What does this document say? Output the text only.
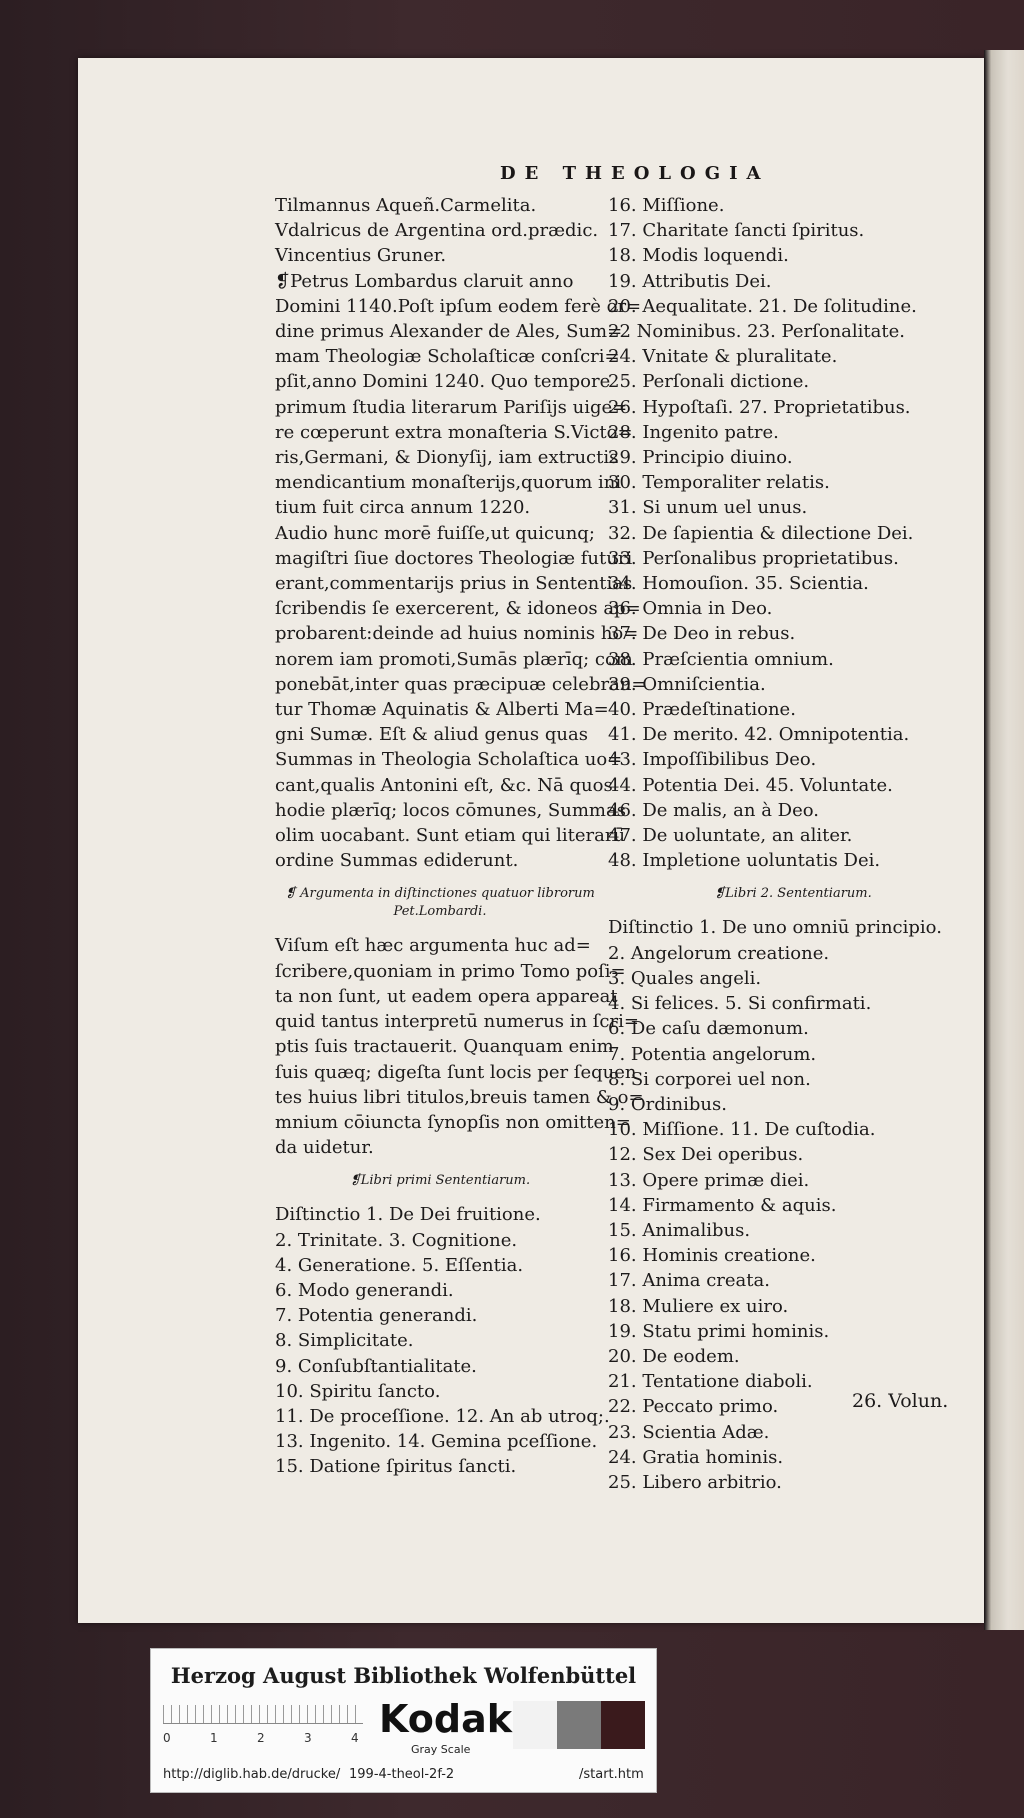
DE THEOLOGIA
Tilmannus Aqueñ.Carmelita.
Vdalricus de Argentina ord.prædic.
Vincentius Gruner.
❡Petrus Lombardus claruit anno
Domini 1140.Poſt ipſum eodem ferè or=
dine primus Alexander de Ales, Sum=
mam Theologiæ Scholaſticæ conſcri=
pſit,anno Domini 1240. Quo tempore
primum ſtudia literarum Pariſijs uige=
re cœperunt extra monaſteria S.Victo=
ris,Germani, & Dionyſij, iam extructis
mendicantium monaſterijs,quorum ini
tium fuit circa annum 1220.
Audio hunc morē fuiſſe,ut quicunq;
magiſtri ſiue doctores Theologiæ futuri
erant,commentarijs prius in Sententias
ſcribendis ſe exercerent, & idoneos ap=
probarent:deinde ad huius nominis ho=
norem iam promoti,Sumās plærīq; com
ponebāt,inter quas præcipuæ celebran=
tur Thomæ Aquinatis & Alberti Ma=
gni Sumæ. Eſt & aliud genus quas
Summas in Theologia Scholaſtica uo=
cant,qualis Antonini eſt, &c. Nā quos
hodie plærīq; locos cōmunes, Summas
olim uocabant. Sunt etiam qui literarū
ordine Summas ediderunt.
❡ Argumenta in diſtinctiones quatuor librorum
Pet.Lombardi.
Viſum eſt hæc argumenta huc ad=
ſcribere,quoniam in primo Tomo poſi=
ta non ſunt, ut eadem opera appareat
quid tantus interpretū numerus in ſcri=
ptis ſuis tractauerit. Quanquam enim
ſuis quæq; digeſta ſunt locis per ſequen
tes huius libri titulos,breuis tamen & o=
mnium cōiuncta ſynopſis non omitten=
da uidetur.
❡Libri primi Sententiarum.
Diſtinctio 1. De Dei fruitione.
2. Trinitate. 3. Cognitione.
4. Generatione. 5. Eſſentia.
6. Modo generandi.
7. Potentia generandi.
8. Simplicitate.
9. Conſubſtantialitate.
10. Spiritu ſancto.
11. De proceſſione. 12. An ab utroq;.
13. Ingenito. 14. Gemina pceſſione.
15. Datione ſpiritus ſancti.
16. Miſſione.
17. Charitate ſancti ſpiritus.
18. Modis loquendi.
19. Attributis Dei.
20. Aequalitate. 21. De ſolitudine.
22 Nominibus. 23. Perſonalitate.
24. Vnitate & pluralitate.
25. Perſonali dictione.
26. Hypoſtaſi. 27. Proprietatibus.
28. Ingenito patre.
29. Principio diuino.
30. Temporaliter relatis.
31. Si unum uel unus.
32. De ſapientia & dilectione Dei.
33. Perſonalibus proprietatibus.
34. Homouſion. 35. Scientia.
36. Omnia in Deo.
37. De Deo in rebus.
38. Præſcientia omnium.
39. Omniſcientia.
40. Prædeſtinatione.
41. De merito. 42. Omnipotentia.
43. Impoſſibilibus Deo.
44. Potentia Dei. 45. Voluntate.
46. De malis, an à Deo.
47. De uoluntate, an aliter.
48. Impletione uoluntatis Dei.
❡Libri 2. Sententiarum.
Diſtinctio 1. De uno omniū principio.
2. Angelorum creatione.
3. Quales angeli.
4. Si felices. 5. Si confirmati.
6. De caſu dæmonum.
7. Potentia angelorum.
8. Si corporei uel non.
9. Ordinibus.
10. Miſſione. 11. De cuſtodia.
12. Sex Dei operibus.
13. Opere primæ diei.
14. Firmamento & aquis.
15. Animalibus.
16. Hominis creatione.
17. Anima creata.
18. Muliere ex uiro.
19. Statu primi hominis.
20. De eodem.
21. Tentatione diaboli.
22. Peccato primo.
23. Scientia Adæ.
24. Gratia hominis.
25. Libero arbitrio.
26. Volun.
Herzog August Bibliothek Wolfenbüttel
0	1	2	3	4 Kodak
Gray Scale
http://diglib.hab.de/drucke/ 199-4-theol-2f-2	/start.htm
